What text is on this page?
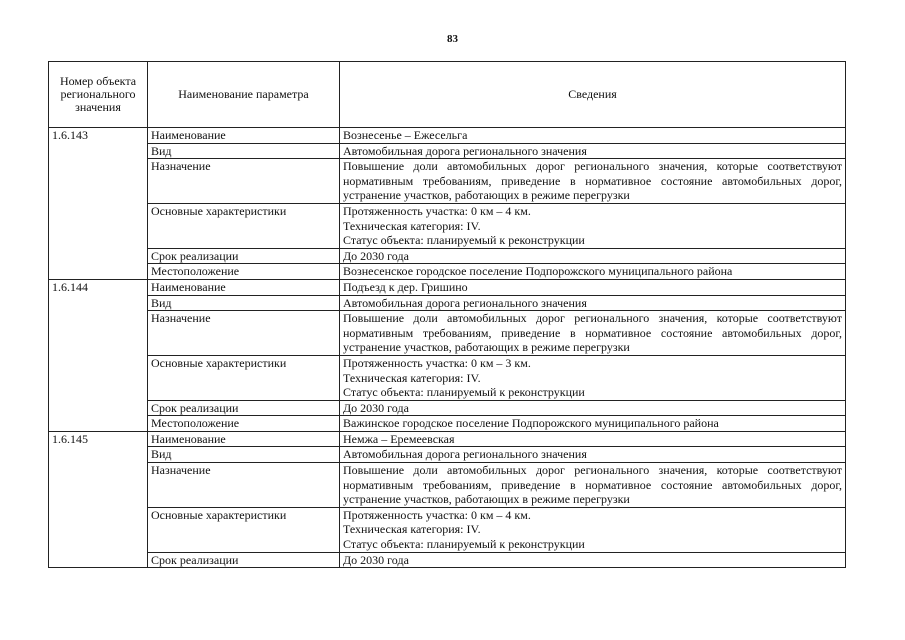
83
Номер объекта регионального значения	Наименование параметра	Сведения
1.6.143	Наименование	Вознесенье – Ежесельга

	Вид	Автомобильная дорога регионального значения

	Назначение	Повышение доли автомобильных дорог регионального значения, которые соответствуют нормативным требованиям, приведение в нормативное состояние автомобильных дорог, устранение участков, работающих в режиме перегрузки

	Основные характеристики	Протяженность участка: 0 км – 4 км.
Техническая категория: IV.
Статус объекта: планируемый к реконструкции

	Срок реализации	До 2030 года

	Местоположение	Вознесенское городское поселение Подпорожского муниципального района

1.6.144	Наименование	Подъезд к дер. Гришино

	Вид	Автомобильная дорога регионального значения

	Назначение	Повышение доли автомобильных дорог регионального значения, которые соответствуют нормативным требованиям, приведение в нормативное состояние автомобильных дорог, устранение участков, работающих в режиме перегрузки

	Основные характеристики	Протяженность участка: 0 км – 3 км.
Техническая категория: IV.
Статус объекта: планируемый к реконструкции

	Срок реализации	До 2030 года

	Местоположение	Важинское городское поселение Подпорожского муниципального района

1.6.145	Наименование	Немжа – Еремеевская

	Вид	Автомобильная дорога регионального значения

	Назначение	Повышение доли автомобильных дорог регионального значения, которые соответствуют нормативным требованиям, приведение в нормативное состояние автомобильных дорог, устранение участков, работающих в режиме перегрузки

	Основные характеристики	Протяженность участка: 0 км – 4 км.
Техническая категория: IV.
Статус объекта: планируемый к реконструкции

	Срок реализации	До 2030 года
